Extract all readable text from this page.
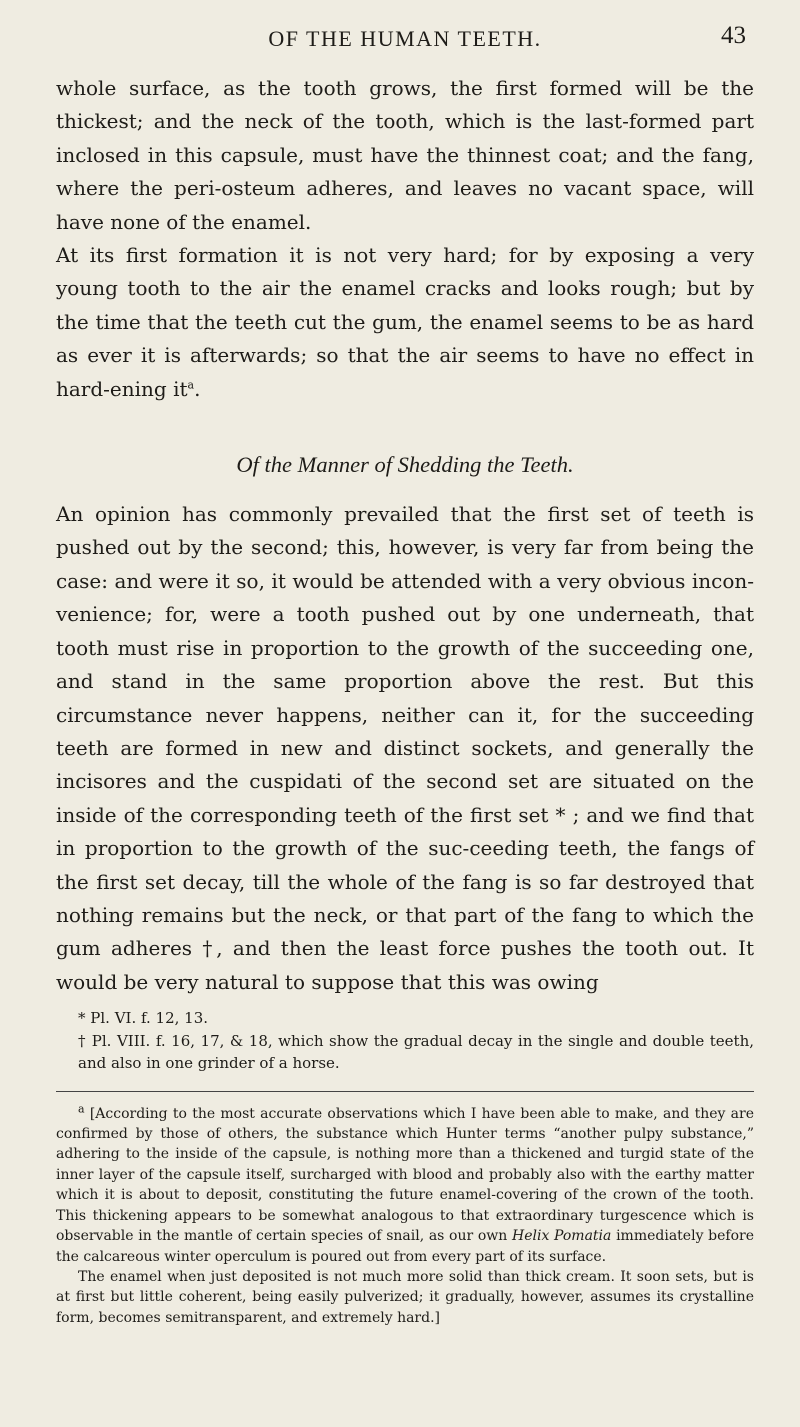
OF THE HUMAN TEETH.	43

whole surface, as the tooth grows, the first formed will be the thickest; and the neck of the tooth, which is the last-formed part inclosed in this capsule, must have the thinnest coat; and the fang, where the peri-osteum adheres, and leaves no vacant space, will have none of the enamel.

At its first formation it is not very hard; for by exposing a very young tooth to the air the enamel cracks and looks rough; but by the time that the teeth cut the gum, the enamel seems to be as hard as ever it is afterwards; so that the air seems to have no effect in hard-ening $it^a$.

Of the Manner of Shedding the Teeth.

An opinion has commonly prevailed that the first set of teeth is pushed out by the second; this, however, is very far from being the case: and were it so, it would be attended with a very obvious incon-venience; for, were a tooth pushed out by one underneath, that tooth must rise in proportion to the growth of the succeeding one, and stand in the same proportion above the rest. But this circumstance never happens, neither can it, for the succeeding teeth are formed in new and distinct sockets, and generally the incisores and the cuspidati of the second set are situated on the inside of the corresponding teeth of the first set * ; and we find that in proportion to the growth of the suc-ceeding teeth, the fangs of the first set decay, till the whole of the fang is so far destroyed that nothing remains but the neck, or that part of the fang to which the gum adheres †, and then the least force pushes the tooth out. It would be very natural to suppose that this was owing

* Pl. VI. f. 12, 13.

† Pl. VIII. f. 16, 17, & 18, which show the gradual decay in the single and double teeth, and also in one grinder of a horse.

$^a$ [According to the most accurate observations which I have been able to make, and they are confirmed by those of others, the substance which Hunter terms “another pulpy substance,” adhering to the inside of the capsule, is nothing more than a thickened and turgid state of the inner layer of the capsule itself, surcharged with blood and probably also with the earthy matter which it is about to deposit, constituting the future enamel-covering of the crown of the tooth. This thickening appears to be somewhat analogous to that extraordinary turgescence which is observable in the mantle of certain species of snail, as our own Helix Pomatia immediately before the calcareous winter operculum is poured out from every part of its surface.

The enamel when just deposited is not much more solid than thick cream. It soon sets, but is at first but little coherent, being easily pulverized; it gradually, however, assumes its crystalline form, becomes semitransparent, and extremely hard.]
